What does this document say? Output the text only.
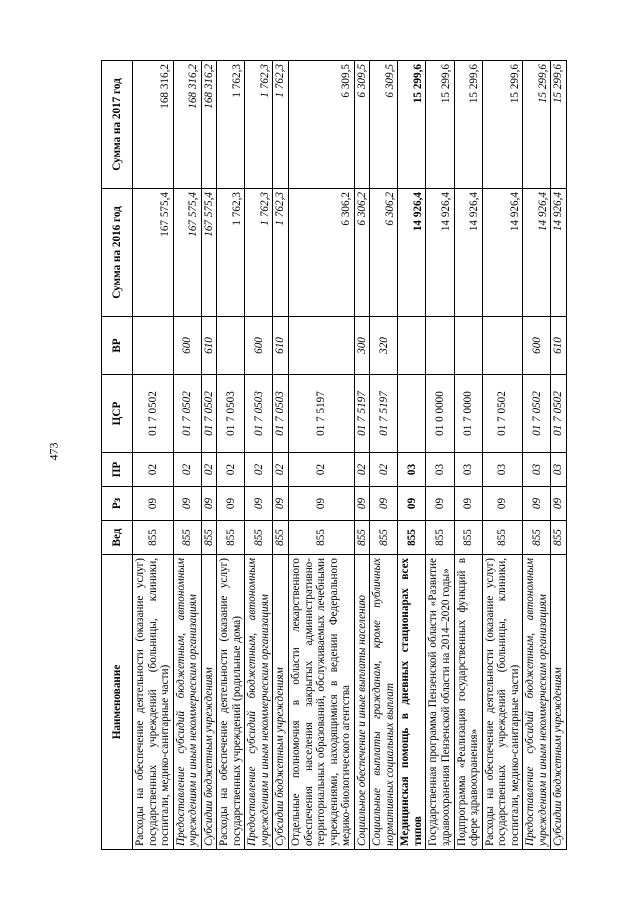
473
Наименование	Вед	Рз	ПР	ЦСР	ВР	Сумма на 2016 год	Сумма на 2017 год
Расходы на обеспечение деятельности (оказание услуг) государственных учреждений (больницы, клиники, госпитали, медико-санитарные части)	855	09	02	01 7 0502		167 575,4	168 316,2
Предоставление субсидий бюджетным, автономным учреждениям и иным некоммерческим организациям	855	09	02	01 7 0502	600	167 575,4	168 316,2
Субсидии бюджетным учреждениям	855	09	02	01 7 0502	610	167 575,4	168 316,2
Расходы на обеспечение деятельности (оказание услуг) государственных учреждений (родильные дома)	855	09	02	01 7 0503		1 762,3	1 762,3
Предоставление субсидий бюджетным, автономным учреждениям и иным некоммерческим организациям	855	09	02	01 7 0503	600	1 762,3	1 762,3
Субсидии бюджетным учреждениям	855	09	02	01 7 0503	610	1 762,3	1 762,3
Отдельные полномочия в области лекарственного обеспечения населения закрытых административно-территориальных образований, обслуживаемых лечебными учреждениями, находящимися в ведении Федерального медико-биологического агентства	855	09	02	01 7 5197		6 306,2	6 309,5
Социальное обеспечение и иные выплаты населению	855	09	02	01 7 5197	300	6 306,2	6 309,5
Социальные выплаты гражданам, кроме публичных нормативных социальных выплат	855	09	02	01 7 5197	320	6 306,2	6 309,5
Медицинская помощь в дневных стационарах всех типов	855	09	03			14 926,4	15 299,6
Государственная программа Пензенской области «Развитие здравоохранения Пензенской области на 2014–2020 годы»	855	09	03	01 0 0000		14 926,4	15 299,6
Подпрограмма «Реализация государственных функций в сфере здравоохранения»	855	09	03	01 7 0000		14 926,4	15 299,6
Расходы на обеспечение деятельности (оказание услуг) государственных учреждений (больницы, клиники, госпитали, медико-санитарные части)	855	09	03	01 7 0502		14 926,4	15 299,6
Предоставление субсидий бюджетным, автономным учреждениям и иным некоммерческим организациям	855	09	03	01 7 0502	600	14 926,4	15 299,6
Субсидии бюджетным учреждениям	855	09	03	01 7 0502	610	14 926,4	15 299,6
